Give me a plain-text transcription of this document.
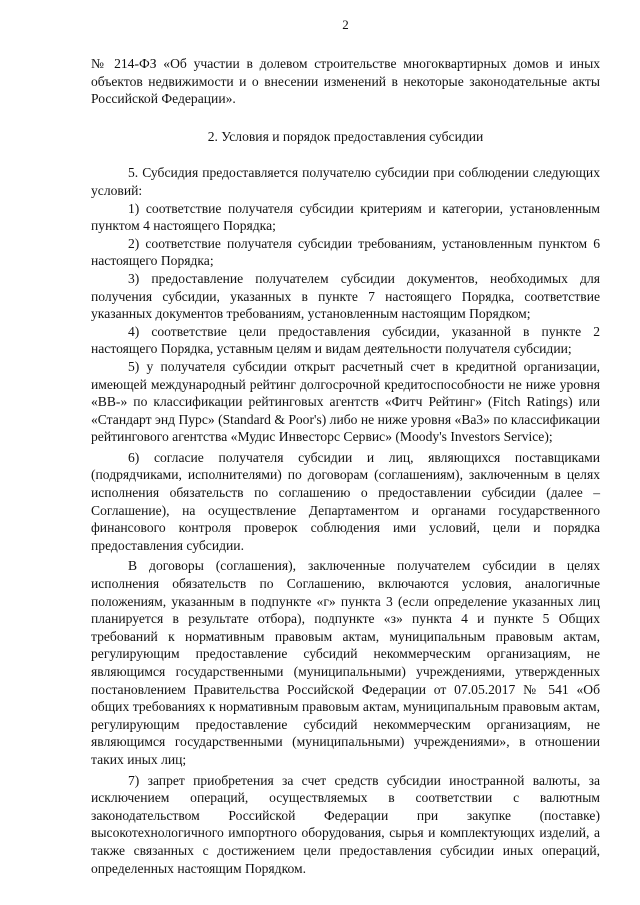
2

№ 214-ФЗ «Об участии в долевом строительстве многоквартирных домов и иных объектов недвижимости и о внесении изменений в некоторые законодательные акты Российской Федерации».

2. Условия и порядок предоставления субсидии

5. Субсидия предоставляется получателю субсидии при соблюдении следующих условий:

1) соответствие получателя субсидии критериям и категории, установленным пунктом 4 настоящего Порядка;

2) соответствие получателя субсидии требованиям, установленным пунктом 6 настоящего Порядка;

3) предоставление получателем субсидии документов, необходимых для получения субсидии, указанных в пункте 7 настоящего Порядка, соответствие указанных документов требованиям, установленным настоящим Порядком;

4) соответствие цели предоставления субсидии, указанной в пункте 2 настоящего Порядка, уставным целям и видам деятельности получателя субсидии;

5) у получателя субсидии открыт расчетный счет в кредитной организации, имеющей международный рейтинг долгосрочной кредитоспособности не ниже уровня «ВВ-» по классификации рейтинговых агентств «Фитч Рейтинг» (Fitch Ratings) или «Стандарт энд Пурс» (Standard & Poor's) либо не ниже уровня «Ba3» по классификации рейтингового агентства «Мудис Инвесторс Сервис» (Moody's Investors Service);

6) согласие получателя субсидии и лиц, являющихся поставщиками (подрядчиками, исполнителями) по договорам (соглашениям), заключенным в целях исполнения обязательств по соглашению о предоставлении субсидии (далее – Соглашение), на осуществление Департаментом и органами государственного финансового контроля проверок соблюдения ими условий, цели и порядка предоставления субсидии.

В договоры (соглашения), заключенные получателем субсидии в целях исполнения обязательств по Соглашению, включаются условия, аналогичные положениям, указанным в подпункте «г» пункта 3 (если определение указанных лиц планируется в результате отбора), подпункте «з» пункта 4 и пункте 5 Общих требований к нормативным правовым актам, муниципальным правовым актам, регулирующим предоставление субсидий некоммерческим организациям, не являющимся государственными (муниципальными) учреждениями, утвержденных постановлением Правительства Российской Федерации от 07.05.2017 № 541 «Об общих требованиях к нормативным правовым актам, муниципальным правовым актам, регулирующим предоставление субсидий некоммерческим организациям, не являющимся государственными (муниципальными) учреждениями», в отношении таких иных лиц;

7) запрет приобретения за счет средств субсидии иностранной валюты, за исключением операций, осуществляемых в соответствии с валютным законодательством Российской Федерации при закупке (поставке) высокотехнологичного импортного оборудования, сырья и комплектующих изделий, а также связанных с достижением цели предоставления субсидии иных операций, определенных настоящим Порядком.
